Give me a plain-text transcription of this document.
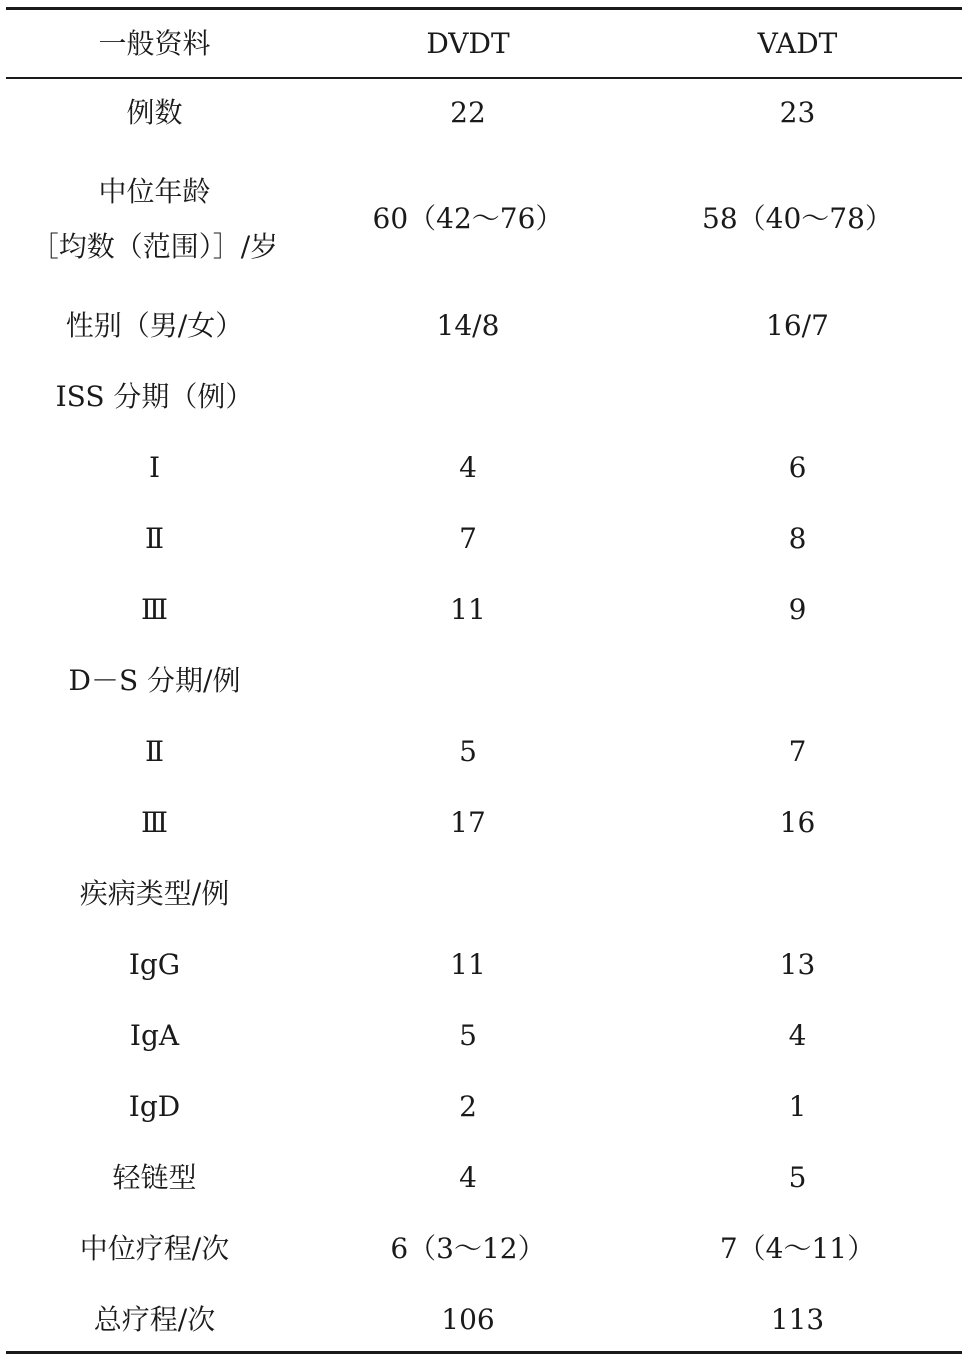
一般资料	DVDT	VADT
例数	22	23
中位年龄
［均数（范围）］/岁	60（42～76）	58（40～78）
性别（男/女）	14/8	16/7
ISS 分期（例）		
Ⅰ	4	6
Ⅱ	7	8
Ⅲ	11	9
D－S 分期/例		
Ⅱ	5	7
Ⅲ	17	16
疾病类型/例		
IgG	11	13
IgA	5	4
IgD	2	1
轻链型	4	5
中位疗程/次	6（3～12）	7（4～11）
总疗程/次	106	113
